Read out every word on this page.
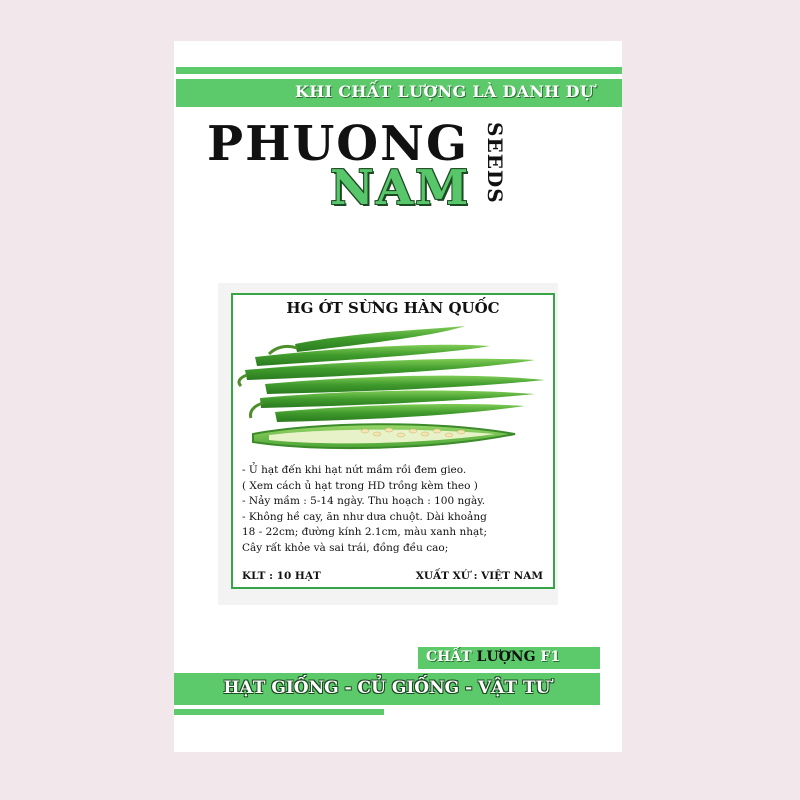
KHI CHẤT LƯỢNG LÀ DANH DỰ
PHUONG
NAM SEEDS
HG ỚT SỪNG HÀN QUỐC
- Ủ hạt đến khi hạt nứt mầm rồi đem gieo.
( Xem cách ủ hạt trong HD trồng kèm theo )
- Nảy mầm : 5-14 ngày. Thu hoạch : 100 ngày.
- Không hề cay, ăn như dưa chuột. Dài khoảng
18 - 22cm; đường kính 2.1cm, màu xanh nhạt;
Cây rất khỏe và sai trái, đồng đều cao;
KLT : 10 HẠT	XUẤT XỨ : VIỆT NAM
CHẤT LƯỢNG F1
HẠT GIỐNG - CỦ GIỐNG - VẬT TƯ
